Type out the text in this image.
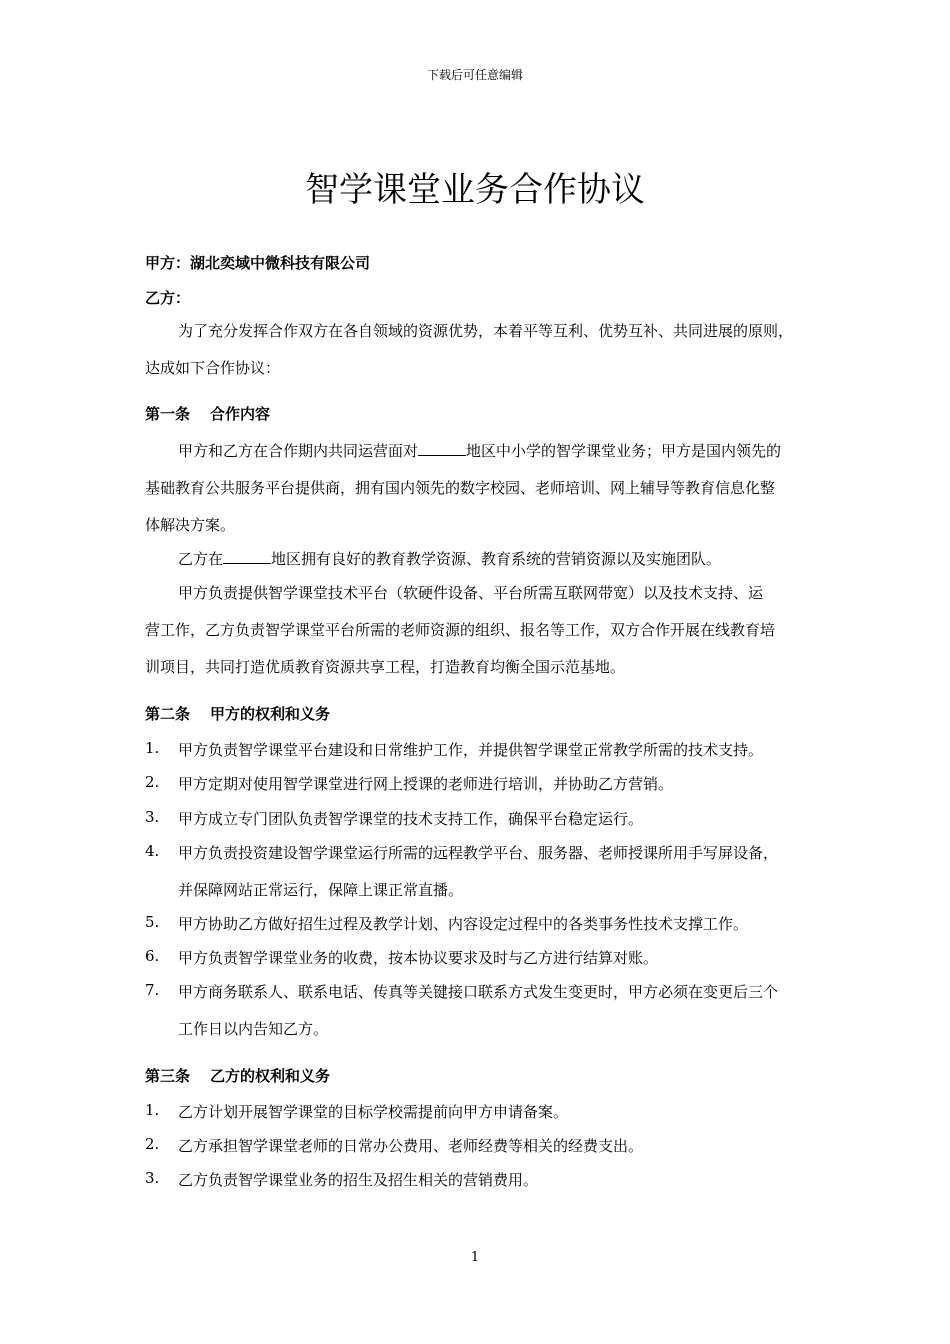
下载后可任意编辑
智学课堂业务合作协议
甲方：湖北奕域中微科技有限公司
乙方：
为了充分发挥合作双方在各自领域的资源优势，本着平等互利、优势互补、共同进展的原则，
达成如下合作协议：
第一条 合作内容
甲方和乙方在合作期内共同运营面对	地区中小学的智学课堂业务；甲方是国内领先的
基础教育公共服务平台提供商，拥有国内领先的数字校园、老师培训、网上辅导等教育信息化整
体解决方案。
乙方在	地区拥有良好的教育教学资源、教育系统的营销资源以及实施团队。
甲方负责提供智学课堂技术平台（软硬件设备、平台所需互联网带宽）以及技术支持、运
营工作，乙方负责智学课堂平台所需的老师资源的组织、报名等工作，双方合作开展在线教育培
训项目，共同打造优质教育资源共享工程，打造教育均衡全国示范基地。
第二条 甲方的权利和义务
1. 甲方负责智学课堂平台建设和日常维护工作，并提供智学课堂正常教学所需的技术支持。
2. 甲方定期对使用智学课堂进行网上授课的老师进行培训，并协助乙方营销。
3. 甲方成立专门团队负责智学课堂的技术支持工作，确保平台稳定运行。
4. 甲方负责投资建设智学课堂运行所需的远程教学平台、服务器、老师授课所用手写屏设备，
并保障网站正常运行，保障上课正常直播。
5. 甲方协助乙方做好招生过程及教学计划、内容设定过程中的各类事务性技术支撑工作。
6. 甲方负责智学课堂业务的收费，按本协议要求及时与乙方进行结算对账。
7. 甲方商务联系人、联系电话、传真等关键接口联系方式发生变更时，甲方必须在变更后三个
工作日以内告知乙方。
第三条 乙方的权利和义务
1. 乙方计划开展智学课堂的目标学校需提前向甲方申请备案。
2. 乙方承担智学课堂老师的日常办公费用、老师经费等相关的经费支出。
3. 乙方负责智学课堂业务的招生及招生相关的营销费用。
1
